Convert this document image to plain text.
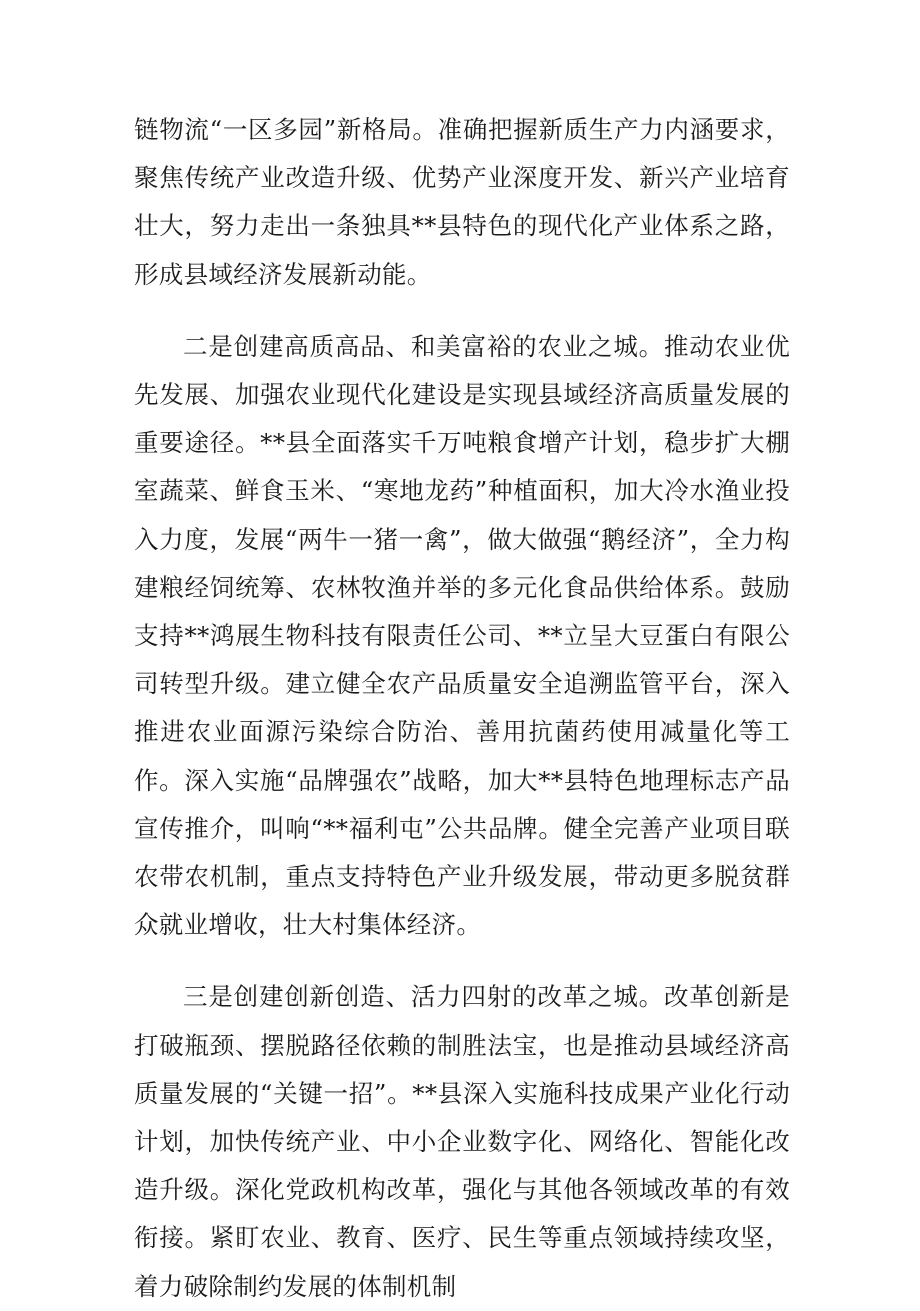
链物流“一区多园”新格局。准确把握新质生产力内涵要求，聚焦传统产业改造升级、优势产业深度开发、新兴产业培育壮大，努力走出一条独具**县特色的现代化产业体系之路，形成县域经济发展新动能。

二是创建高质高品、和美富裕的农业之城。推动农业优先发展、加强农业现代化建设是实现县域经济高质量发展的重要途径。**县全面落实千万吨粮食增产计划，稳步扩大棚室蔬菜、鲜食玉米、“寒地龙药”种植面积，加大冷水渔业投入力度，发展“两牛一猪一禽”，做大做强“鹅经济”，全力构建粮经饲统筹、农林牧渔并举的多元化食品供给体系。鼓励支持**鸿展生物科技有限责任公司、**立呈大豆蛋白有限公司转型升级。建立健全农产品质量安全追溯监管平台，深入推进农业面源污染综合防治、善用抗菌药使用减量化等工作。深入实施“品牌强农”战略，加大**县特色地理标志产品宣传推介，叫响“**福利屯”公共品牌。健全完善产业项目联农带农机制，重点支持特色产业升级发展，带动更多脱贫群众就业增收，壮大村集体经济。

三是创建创新创造、活力四射的改革之城。改革创新是打破瓶颈、摆脱路径依赖的制胜法宝，也是推动县域经济高质量发展的“关键一招”。**县深入实施科技成果产业化行动计划，加快传统产业、中小企业数字化、网络化、智能化改造升级。深化党政机构改革，强化与其他各领域改革的有效衔接。紧盯农业、教育、医疗、民生等重点领域持续攻坚，着力破除制约发展的体制机制
